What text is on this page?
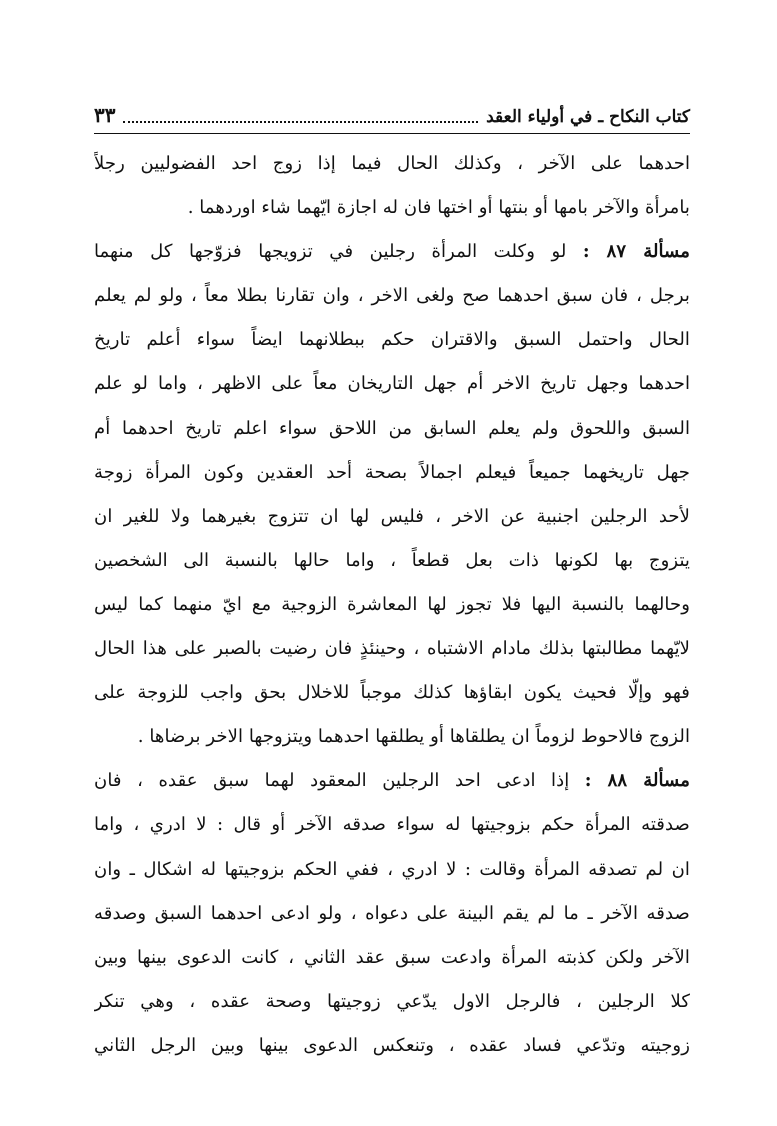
كتاب النكاح ـ في أولياء العقد
٣٣
احدهما على الآخر ، وكذلك الحال فيما إذا زوج احد الفضوليين رجلاً
بامرأة والآخر بامها أو بنتها أو اختها فان له اجازة ايّهما شاء اوردهما .
مسألة ٨٧ : لو وكلت المرأة رجلين في تزويجها فزوّجها كل منهما
برجل ، فان سبق احدهما صح ولغى الاخر ، وان تقارنا بطلا معاً ، ولو لم يعلم
الحال واحتمل السبق والاقتران حكم ببطلانهما ايضاً سواء أعلم تاريخ
احدهما وجهل تاريخ الاخر أم جهل التاريخان معاً على الاظهر ، واما لو علم
السبق واللحوق ولم يعلم السابق من اللاحق سواء اعلم تاريخ احدهما أم
جهل تاريخهما جميعاً فيعلم اجمالاً بصحة أحد العقدين وكون المرأة زوجة
لأحد الرجلين اجنبية عن الاخر ، فليس لها ان تتزوج بغيرهما ولا للغير ان
يتزوج بها لكونها ذات بعل قطعاً ، واما حالها بالنسبة الى الشخصين
وحالهما بالنسبة اليها فلا تجوز لها المعاشرة الزوجية مع ايّ منهما كما ليس
لايّهما مطالبتها بذلك مادام الاشتباه ، وحينئذٍ فان رضيت بالصبر على هذا الحال
فهو وإلّا فحيث يكون ابقاؤها كذلك موجباً للاخلال بحق واجب للزوجة على
الزوج فالاحوط لزوماً ان يطلقاها أو يطلقها احدهما ويتزوجها الاخر برضاها .
مسألة ٨٨ : إذا ادعى احد الرجلين المعقود لهما سبق عقده ، فان
صدقته المرأة حكم بزوجيتها له سواء صدقه الآخر أو قال : لا ادري ، واما
ان لم تصدقه المرأة وقالت : لا ادري ، ففي الحكم بزوجيتها له اشكال ـ وان
صدقه الآخر ـ ما لم يقم البينة على دعواه ، ولو ادعى احدهما السبق وصدقه
الآخر ولكن كذبته المرأة وادعت سبق عقد الثاني ، كانت الدعوى بينها وبين
كلا الرجلين ، فالرجل الاول يدّعي زوجيتها وصحة عقده ، وهي تنكر
زوجيته وتدّعي فساد عقده ، وتنعكس الدعوى بينها وبين الرجل الثاني
